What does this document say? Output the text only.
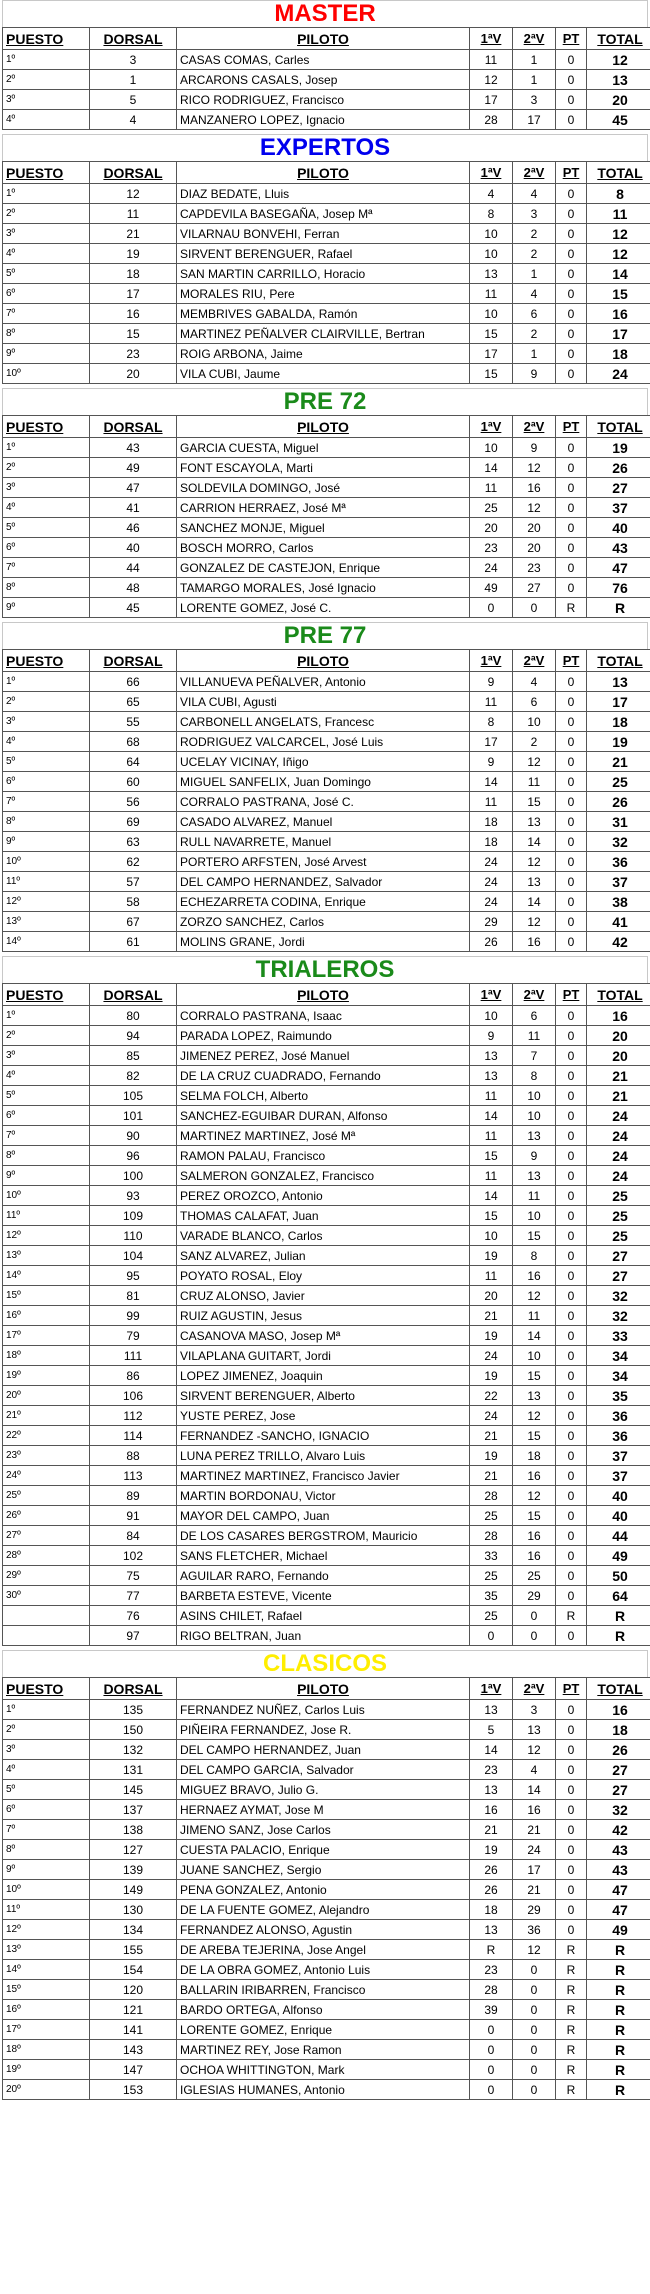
MASTER
PUESTO	DORSAL	PILOTO	1ªV	2ªV	PT	TOTAL
1º	3	CASAS COMAS, Carles	11	1	0	12
2º	1	ARCARONS CASALS, Josep	12	1	0	13
3º	5	RICO RODRIGUEZ, Francisco	17	3	0	20
4º	4	MANZANERO LOPEZ, Ignacio	28	17	0	45
EXPERTOS
PUESTO	DORSAL	PILOTO	1ªV	2ªV	PT	TOTAL
1º	12	DIAZ BEDATE, Lluis	4	4	0	8
2º	11	CAPDEVILA BASEGAÑA, Josep Mª	8	3	0	11
3º	21	VILARNAU BONVEHI, Ferran	10	2	0	12
4º	19	SIRVENT BERENGUER, Rafael	10	2	0	12
5º	18	SAN MARTIN CARRILLO, Horacio	13	1	0	14
6º	17	MORALES RIU, Pere	11	4	0	15
7º	16	MEMBRIVES GABALDA, Ramón	10	6	0	16
8º	15	MARTINEZ PEÑALVER CLAIRVILLE, Bertran	15	2	0	17
9º	23	ROIG ARBONA, Jaime	17	1	0	18
10º	20	VILA CUBI, Jaume	15	9	0	24
PRE 72
PUESTO	DORSAL	PILOTO	1ªV	2ªV	PT	TOTAL
1º	43	GARCIA CUESTA, Miguel	10	9	0	19
2º	49	FONT ESCAYOLA, Marti	14	12	0	26
3º	47	SOLDEVILA DOMINGO, José	11	16	0	27
4º	41	CARRION HERRAEZ, José Mª	25	12	0	37
5º	46	SANCHEZ MONJE, Miguel	20	20	0	40
6º	40	BOSCH MORRO, Carlos	23	20	0	43
7º	44	GONZALEZ DE CASTEJON, Enrique	24	23	0	47
8º	48	TAMARGO MORALES, José Ignacio	49	27	0	76
9º	45	LORENTE GOMEZ, José C.	0	0	R	R
PRE 77
PUESTO	DORSAL	PILOTO	1ªV	2ªV	PT	TOTAL
1º	66	VILLANUEVA PEÑALVER, Antonio	9	4	0	13
2º	65	VILA CUBI, Agusti	11	6	0	17
3º	55	CARBONELL ANGELATS, Francesc	8	10	0	18
4º	68	RODRIGUEZ VALCARCEL, José Luis	17	2	0	19
5º	64	UCELAY VICINAY, Iñigo	9	12	0	21
6º	60	MIGUEL SANFELIX, Juan Domingo	14	11	0	25
7º	56	CORRALO PASTRANA, José C.	11	15	0	26
8º	69	CASADO ALVAREZ, Manuel	18	13	0	31
9º	63	RULL NAVARRETE, Manuel	18	14	0	32
10º	62	PORTERO ARFSTEN, José Arvest	24	12	0	36
11º	57	DEL CAMPO HERNANDEZ, Salvador	24	13	0	37
12º	58	ECHEZARRETA CODINA, Enrique	24	14	0	38
13º	67	ZORZO SANCHEZ, Carlos	29	12	0	41
14º	61	MOLINS GRANE, Jordi	26	16	0	42
TRIALEROS
PUESTO	DORSAL	PILOTO	1ªV	2ªV	PT	TOTAL
1º	80	CORRALO PASTRANA, Isaac	10	6	0	16
2º	94	PARADA LOPEZ, Raimundo	9	11	0	20
3º	85	JIMENEZ PEREZ, José Manuel	13	7	0	20
4º	82	DE LA CRUZ CUADRADO, Fernando	13	8	0	21
5º	105	SELMA FOLCH, Alberto	11	10	0	21
6º	101	SANCHEZ-EGUIBAR DURAN, Alfonso	14	10	0	24
7º	90	MARTINEZ MARTINEZ, José Mª	11	13	0	24
8º	96	RAMON PALAU, Francisco	15	9	0	24
9º	100	SALMERON GONZALEZ, Francisco	11	13	0	24
10º	93	PEREZ OROZCO, Antonio	14	11	0	25
11º	109	THOMAS CALAFAT, Juan	15	10	0	25
12º	110	VARADE BLANCO, Carlos	10	15	0	25
13º	104	SANZ ALVAREZ, Julian	19	8	0	27
14º	95	POYATO ROSAL, Eloy	11	16	0	27
15º	81	CRUZ ALONSO, Javier	20	12	0	32
16º	99	RUIZ AGUSTIN, Jesus	21	11	0	32
17º	79	CASANOVA MASO, Josep Mª	19	14	0	33
18º	111	VILAPLANA GUITART, Jordi	24	10	0	34
19º	86	LOPEZ JIMENEZ, Joaquin	19	15	0	34
20º	106	SIRVENT BERENGUER, Alberto	22	13	0	35
21º	112	YUSTE PEREZ, Jose	24	12	0	36
22º	114	FERNANDEZ -SANCHO, IGNACIO	21	15	0	36
23º	88	LUNA PEREZ TRILLO, Alvaro Luis	19	18	0	37
24º	113	MARTINEZ MARTINEZ, Francisco Javier	21	16	0	37
25º	89	MARTIN BORDONAU, Victor	28	12	0	40
26º	91	MAYOR DEL CAMPO, Juan	25	15	0	40
27º	84	DE LOS CASARES BERGSTROM, Mauricio	28	16	0	44
28º	102	SANS FLETCHER, Michael	33	16	0	49
29º	75	AGUILAR RARO, Fernando	25	25	0	50
30º	77	BARBETA ESTEVE, Vicente	35	29	0	64
	76	ASINS CHILET, Rafael	25	0	R	R
	97	RIGO BELTRAN, Juan	0	0	0	R
CLASICOS
PUESTO	DORSAL	PILOTO	1ªV	2ªV	PT	TOTAL
1º	135	FERNANDEZ NUÑEZ, Carlos Luis	13	3	0	16
2º	150	PIÑEIRA FERNANDEZ, Jose R.	5	13	0	18
3º	132	DEL CAMPO HERNANDEZ, Juan	14	12	0	26
4º	131	DEL CAMPO GARCIA, Salvador	23	4	0	27
5º	145	MIGUEZ BRAVO, Julio G.	13	14	0	27
6º	137	HERNAEZ AYMAT, Jose M	16	16	0	32
7º	138	JIMENO SANZ, Jose Carlos	21	21	0	42
8º	127	CUESTA PALACIO, Enrique	19	24	0	43
9º	139	JUANE SANCHEZ, Sergio	26	17	0	43
10º	149	PENA GONZALEZ, Antonio	26	21	0	47
11º	130	DE LA FUENTE GOMEZ, Alejandro	18	29	0	47
12º	134	FERNANDEZ ALONSO, Agustin	13	36	0	49
13º	155	DE AREBA TEJERINA, Jose Angel	R	12	R	R
14º	154	DE LA OBRA GOMEZ, Antonio Luis	23	0	R	R
15º	120	BALLARIN IRIBARREN, Francisco	28	0	R	R
16º	121	BARDO ORTEGA, Alfonso	39	0	R	R
17º	141	LORENTE GOMEZ, Enrique	0	0	R	R
18º	143	MARTINEZ REY, Jose Ramon	0	0	R	R
19º	147	OCHOA WHITTINGTON, Mark	0	0	R	R
20º	153	IGLESIAS HUMANES, Antonio	0	0	R	R
